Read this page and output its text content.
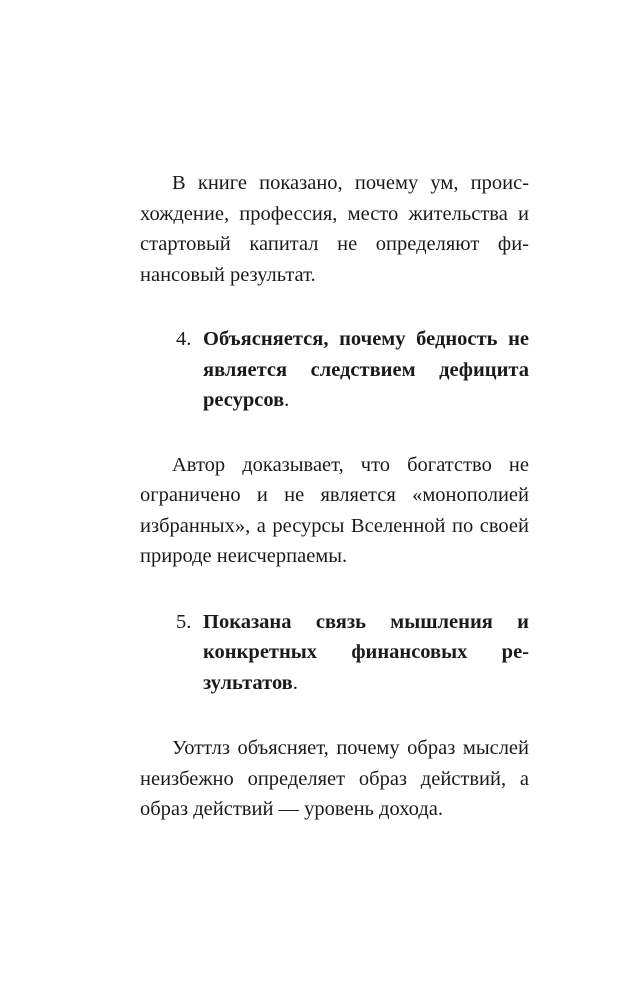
В книге показано, почему ум, происхождение, профессия, место жительства и стартовый капитал не определяют финансовый результат.

4. Объясняется, почему бедность не является следствием дефицита ресурсов.

Автор доказывает, что богатство не ограничено и не является «монополией избранных», а ресурсы Вселенной по своей природе неисчерпаемы.

5. Показана связь мышления и конкретных финансовых результатов.

Уоттлз объясняет, почему образ мыслей неизбежно определяет образ действий, а образ действий — уровень дохода.
